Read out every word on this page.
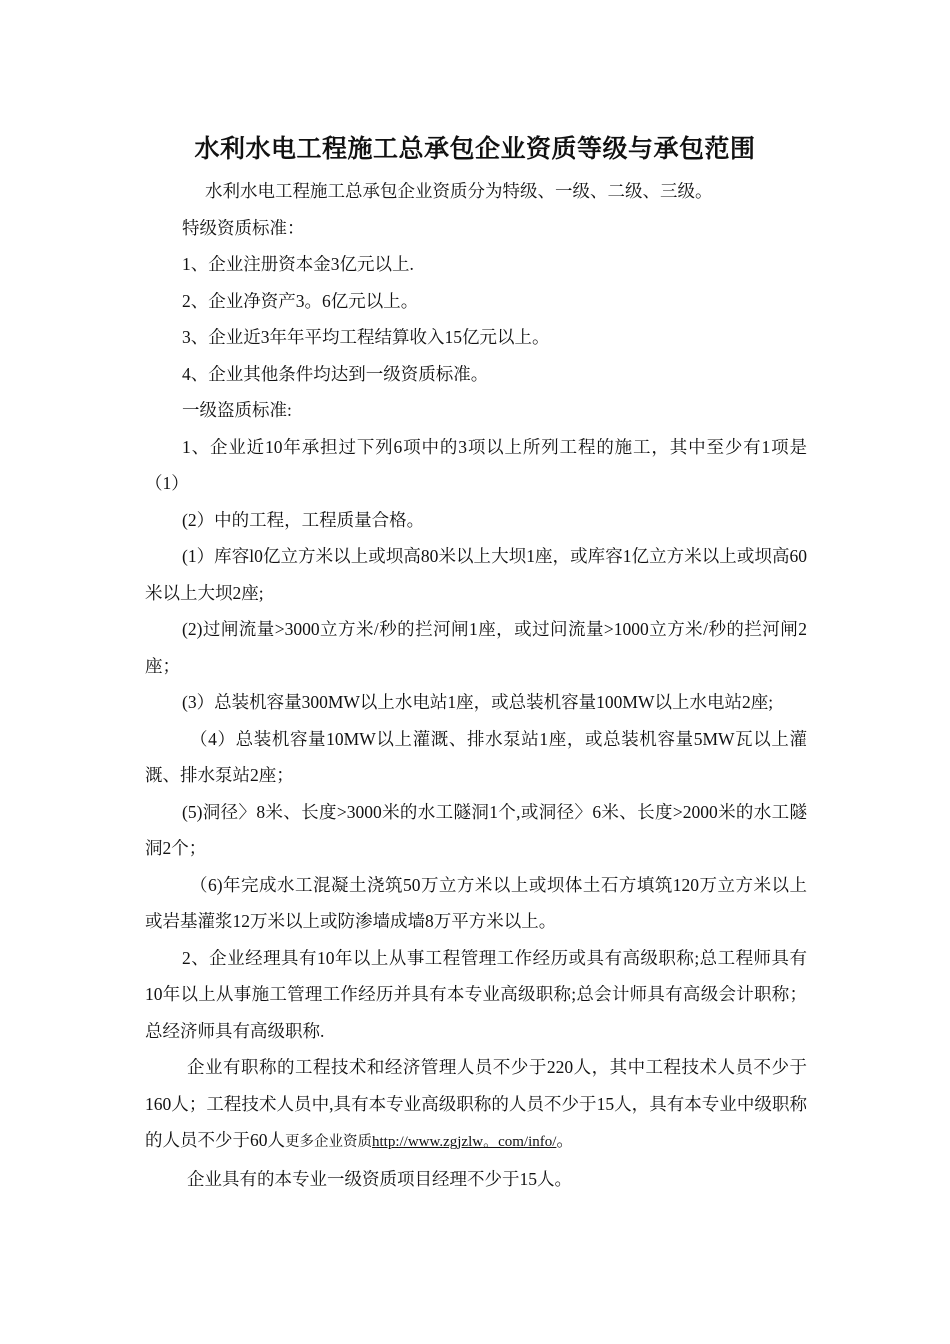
水利水电工程施工总承包企业资质等级与承包范围

水利水电工程施工总承包企业资质分为特级、一级、二级、三级。

特级资质标准：

1、企业注册资本金3亿元以上.

2、企业净资产3。6亿元以上。

3、企业近3年年平均工程结算收入15亿元以上。

4、企业其他条件均达到一级资质标准。

一级盗质标准:

1、企业近10年承担过下列6项中的3项以上所列工程的施工，其中至少有1项是（1）

(2）中的工程，工程质量合格。

(1）库容l0亿立方米以上或坝高80米以上大坝1座，或库容1亿立方米以上或坝高60米以上大坝2座;

(2)过闸流量>3000立方米/秒的拦河闸1座，或过问流量>1000立方米/秒的拦河闸2座；

(3）总装机容量300MW以上水电站1座，或总装机容量100MW以上水电站2座;

（4）总装机容量10MW以上灌溉、排水泵站1座，或总装机容量5MW瓦以上灌溉、排水泵站2座；

(5)洞径〉8米、长度>3000米的水工隧洞1个,或洞径〉6米、长度>2000米的水工隧洞2个；

（6)年完成水工混凝土浇筑50万立方米以上或坝体土石方填筑120万立方米以上或岩基灌浆12万米以上或防渗墙成墙8万平方米以上。

2、企业经理具有10年以上从事工程管理工作经历或具有高级职称;总工程师具有10年以上从事施工管理工作经历并具有本专业高级职称;总会计师具有高级会计职称；总经济师具有高级职称.

企业有职称的工程技术和经济管理人员不少于220人，其中工程技术人员不少于160人；工程技术人员中,具有本专业高级职称的人员不少于15人，具有本专业中级职称的人员不少于60人更多企业资质http://www.zgjzlw。com/info/。

企业具有的本专业一级资质项目经理不少于15人。
